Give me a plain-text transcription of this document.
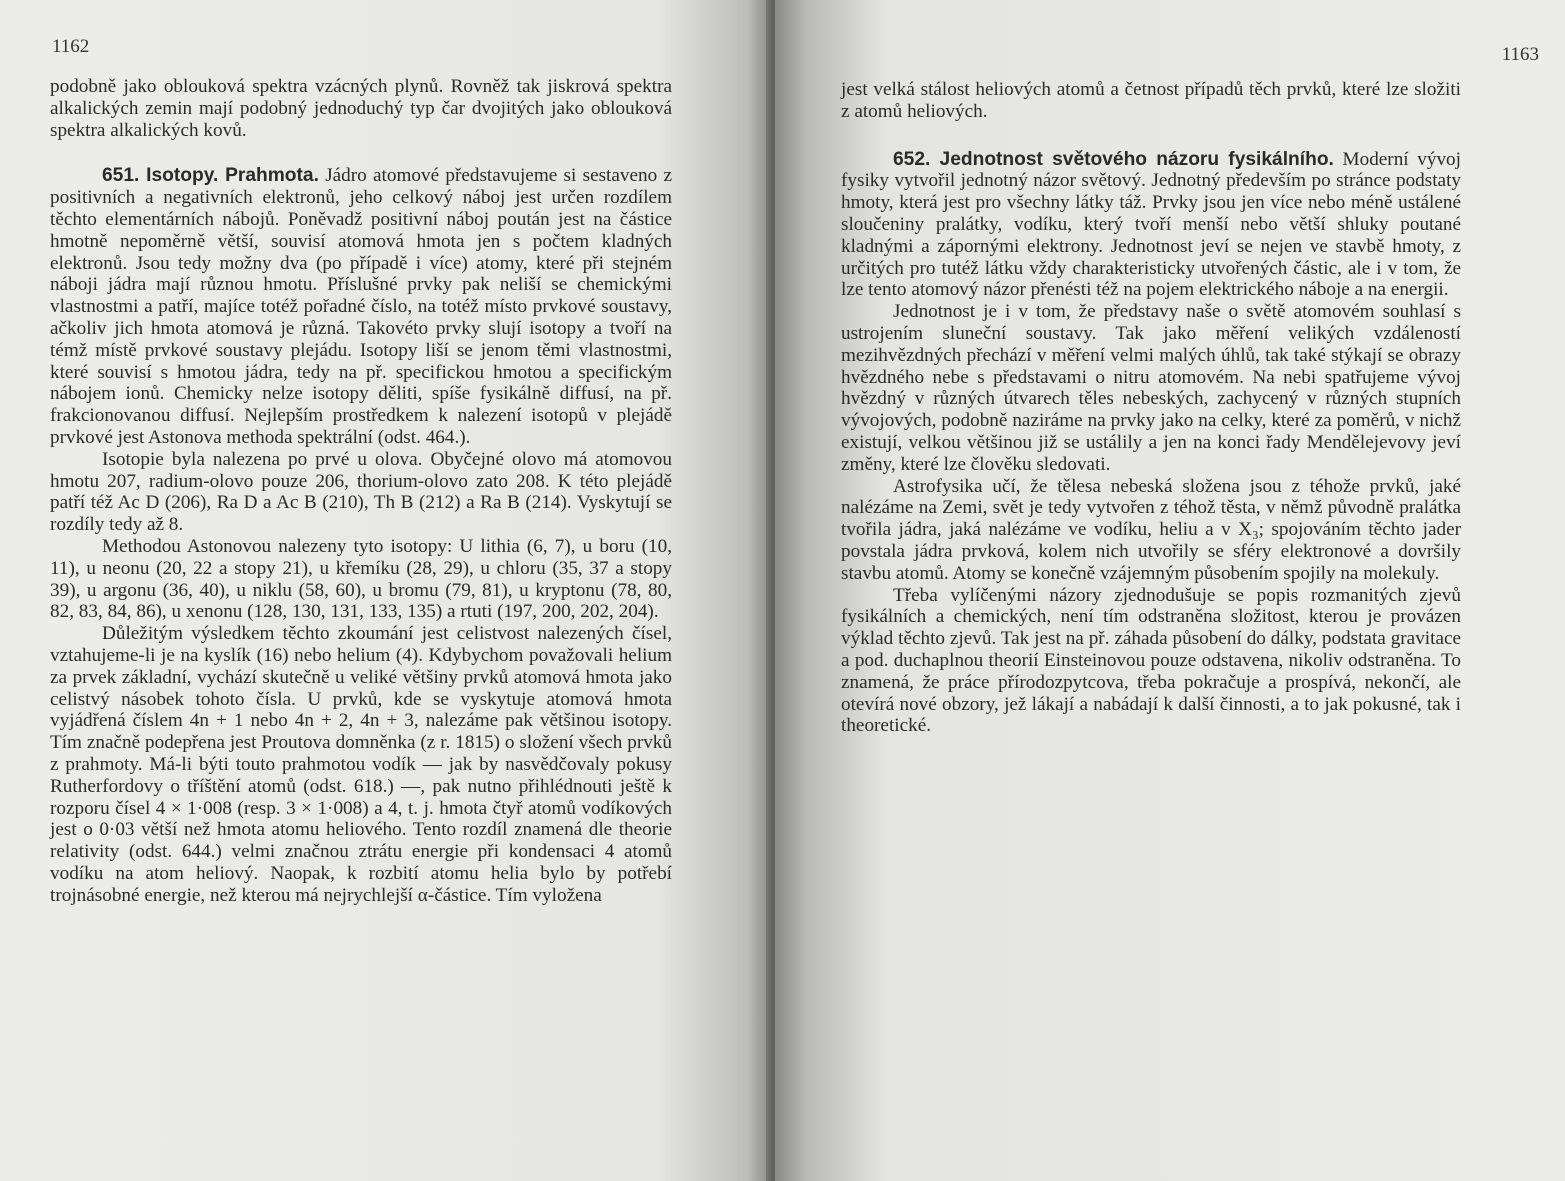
1162

podobně jako oblouková spektra vzácných plynů. Rovněž tak jiskrová spektra alkalických zemin mají podobný jednoduchý typ čar dvojitých jako oblouková spektra alkalických kovů.

651. Isotopy. Prahmota. Jádro atomové představujeme si sestaveno z positivních a negativních elektronů, jeho celkový náboj jest určen rozdílem těchto elementárních nábojů. Poněvadž positivní náboj poután jest na částice hmotně nepoměrně větší, souvisí atomová hmota jen s počtem kladných elektronů. Jsou tedy možny dva (po případě i více) atomy, které při stejném náboji jádra mají různou hmotu. Příslušné prvky pak neliší se chemickými vlastnostmi a patří, majíce totéž pořadné číslo, na totéž místo prvkové soustavy, ačkoliv jich hmota atomová je různá. Takovéto prvky slují isotopy a tvoří na témž místě prvkové soustavy plejádu. Isotopy liší se jenom těmi vlastnostmi, které souvisí s hmotou jádra, tedy na př. specifickou hmotou a specifickým nábojem ionů. Chemicky nelze isotopy děliti, spíše fysikálně diffusí, na př. frakcionovanou diffusí. Nejlepším prostředkem k nalezení isotopů v plejádě prvkové jest Astonova methoda spektrální (odst. 464.).

Isotopie byla nalezena po prvé u olova. Obyčejné olovo má atomovou hmotu 207, radium-olovo pouze 206, thorium-olovo zato 208. K této plejádě patří též Ac D (206), Ra D a Ac B (210), Th B (212) a Ra B (214). Vyskytují se rozdíly tedy až 8.

Methodou Astonovou nalezeny tyto isotopy: U lithia (6, 7), u boru (10, 11), u neonu (20, 22 a stopy 21), u křemíku (28, 29), u chloru (35, 37 a stopy 39), u argonu (36, 40), u niklu (58, 60), u bromu (79, 81), u kryptonu (78, 80, 82, 83, 84, 86), u xenonu (128, 130, 131, 133, 135) a rtuti (197, 200, 202, 204).

Důležitým výsledkem těchto zkoumání jest celistvost nalezených čísel, vztahujeme-li je na kyslík (16) nebo helium (4). Kdybychom považovali helium za prvek základní, vychází skutečně u veliké většiny prvků atomová hmota jako celistvý násobek tohoto čísla. U prvků, kde se vyskytuje atomová hmota vyjádřená číslem 4n + 1 nebo 4n + 2, 4n + 3, nalezáme pak většinou isotopy. Tím značně podepřena jest Proutova domněnka (z r. 1815) o složení všech prvků z prahmoty. Má-li býti touto prahmotou vodík — jak by nasvědčovaly pokusy Rutherfordovy o tříštění atomů (odst. 618.) —, pak nutno přihlédnouti ještě k rozporu čísel 4 × 1·008 (resp. 3 × 1·008) a 4, t. j. hmota čtyř atomů vodíkových jest o 0·03 větší než hmota atomu heliového. Tento rozdíl znamená dle theorie relativity (odst. 644.) velmi značnou ztrátu energie při kondensaci 4 atomů vodíku na atom heliový. Naopak, k rozbití atomu helia bylo by potřebí trojnásobné energie, než kterou má nejrychlejší α-částice. Tím vyložena

1163

jest velká stálost heliových atomů a četnost případů těch prvků, které lze složiti z atomů heliových.

652. Jednotnost světového názoru fysikálního. Moderní vývoj fysiky vytvořil jednotný názor světový. Jednotný především po stránce podstaty hmoty, která jest pro všechny látky táž. Prvky jsou jen více nebo méně ustálené sloučeniny pralátky, vodíku, který tvoří menší nebo větší shluky poutané kladnými a zápornými elektrony. Jednotnost jeví se nejen ve stavbě hmoty, z určitých pro tutéž látku vždy charakteristicky utvořených částic, ale i v tom, že lze tento atomový názor přenésti též na pojem elektrického náboje a na energii.

Jednotnost je i v tom, že představy naše o světě atomovém souhlasí s ustrojením sluneční soustavy. Tak jako měření velikých vzdáleností mezihvězdných přechází v měření velmi malých úhlů, tak také stýkají se obrazy hvězdného nebe s představami o nitru atomovém. Na nebi spatřujeme vývoj hvězdný v různých útvarech těles nebeských, zachycený v různých stupních vývojových, podobně naziráme na prvky jako na celky, které za poměrů, v nichž existují, velkou většinou již se ustálily a jen na konci řady Mendělejevovy jeví změny, které lze člověku sledovati.

Astrofysika učí, že tělesa nebeská složena jsou z téhože prvků, jaké nalézáme na Zemi, svět je tedy vytvořen z téhož těsta, v němž původně pralátka tvořila jádra, jaká nalézáme ve vodíku, heliu a v X₃; spojováním těchto jader povstala jádra prvková, kolem nich utvořily se sféry elektronové a dovršily stavbu atomů. Atomy se konečně vzájemným působením spojily na molekuly.

Třeba vylíčenými názory zjednodušuje se popis rozmanitých zjevů fysikálních a chemických, není tím odstraněna složitost, kterou je provázen výklad těchto zjevů. Tak jest na př. záhada působení do dálky, podstata gravitace a pod. duchaplnou theorií Einsteinovou pouze odstavena, nikoliv odstraněna. To znamená, že práce přírodozpytcova, třeba pokračuje a prospívá, nekončí, ale otevírá nové obzory, jež lákají a nabádají k další činnosti, a to jak pokusné, tak i theoretické.
